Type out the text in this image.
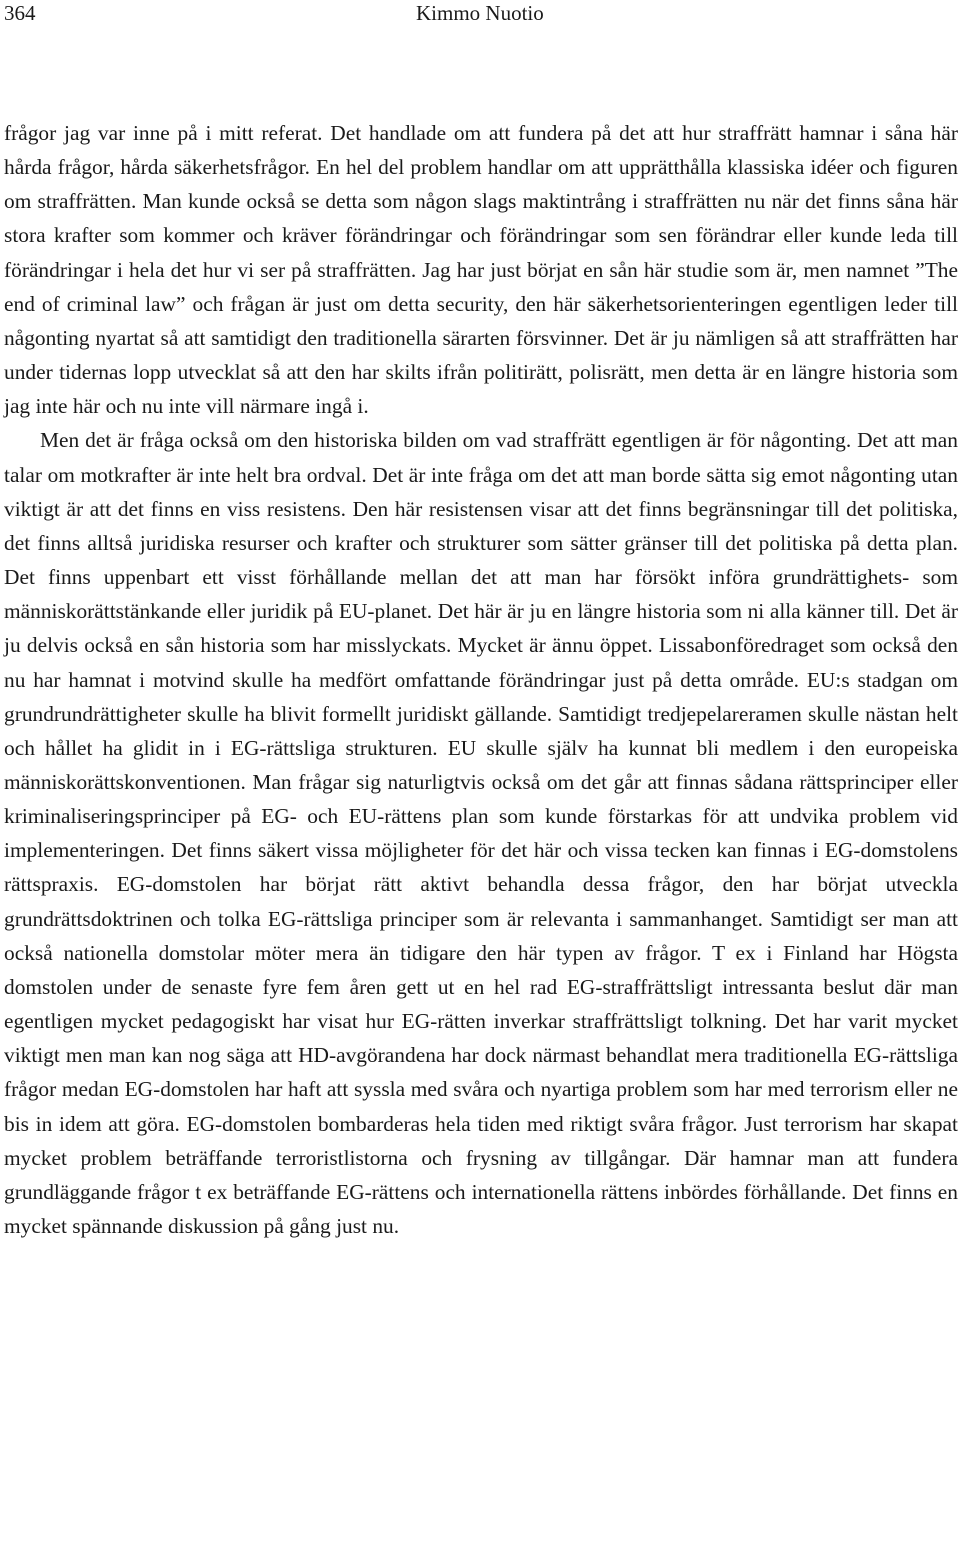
364	Kimmo Nuotio

frågor jag var inne på i mitt referat. Det handlade om att fundera på det att hur straffrätt hamnar i såna här hårda frågor, hårda säkerhetsfrågor. En hel del problem handlar om att upprätthålla klassiska idéer och figuren om straffrätten. Man kunde också se detta som någon slags maktintrång i straffrätten nu när det finns såna här stora krafter som kommer och kräver förändringar och förändringar som sen förändrar eller kunde leda till förändringar i hela det hur vi ser på straffrätten. Jag har just börjat en sån här studie som är, men namnet ”The end of criminal law” och frågan är just om detta security, den här säkerhetsorienteringen egentligen leder till någonting nyartat så att samtidigt den traditionella särarten försvinner. Det är ju nämligen så att straffrätten har under tidernas lopp utvecklat så att den har skilts ifrån politirätt, polisrätt, men detta är en längre historia som jag inte här och nu inte vill närmare ingå i.

Men det är fråga också om den historiska bilden om vad straffrätt egentligen är för någonting. Det att man talar om motkrafter är inte helt bra ordval. Det är inte fråga om det att man borde sätta sig emot någonting utan viktigt är att det finns en viss resistens. Den här resistensen visar att det finns begränsningar till det politiska, det finns alltså juridiska resurser och krafter och strukturer som sätter gränser till det politiska på detta plan. Det finns uppenbart ett visst förhållande mellan det att man har försökt införa grundrättighets- som människorättstänkande eller juridik på EU-planet. Det här är ju en längre historia som ni alla känner till. Det är ju delvis också en sån historia som har misslyckats. Mycket är ännu öppet. Lissabonföredraget som också den nu har hamnat i motvind skulle ha medfört omfattande förändringar just på detta område. EU:s stadgan om grundrundrättigheter skulle ha blivit formellt juridiskt gällande. Samtidigt tredjepelareramen skulle nästan helt och hållet ha glidit in i EG-rättsliga strukturen. EU skulle själv ha kunnat bli medlem i den europeiska människorättskonventionen. Man frågar sig naturligtvis också om det går att finnas sådana rättsprinciper eller kriminaliseringsprinciper på EG- och EU-rättens plan som kunde förstarkas för att undvika problem vid implementeringen. Det finns säkert vissa möjligheter för det här och vissa tecken kan finnas i EG-domstolens rättspraxis. EG-domstolen har börjat rätt aktivt behandla dessa frågor, den har börjat utveckla grundrättsdoktrinen och tolka EG-rättsliga principer som är relevanta i sammanhanget. Samtidigt ser man att också nationella domstolar möter mera än tidigare den här typen av frågor. T ex i Finland har Högsta domstolen under de senaste fyre fem åren gett ut en hel rad EG-straffrättsligt intressanta beslut där man egentligen mycket pedagogiskt har visat hur EG-rätten inverkar straffrättsligt tolkning. Det har varit mycket viktigt men man kan nog säga att HD-avgörandena har dock närmast behandlat mera traditionella EG-rättsliga frågor medan EG-domstolen har haft att syssla med svåra och nyartiga problem som har med terrorism eller ne bis in idem att göra. EG-domstolen bombarderas hela tiden med riktigt svåra frågor. Just terrorism har skapat mycket problem beträffande terroristlistorna och frysning av tillgångar. Där hamnar man att fundera grundläggande frågor t ex beträffande EG-rättens och internationella rättens inbördes förhållande. Det finns en mycket spännande diskussion på gång just nu.
